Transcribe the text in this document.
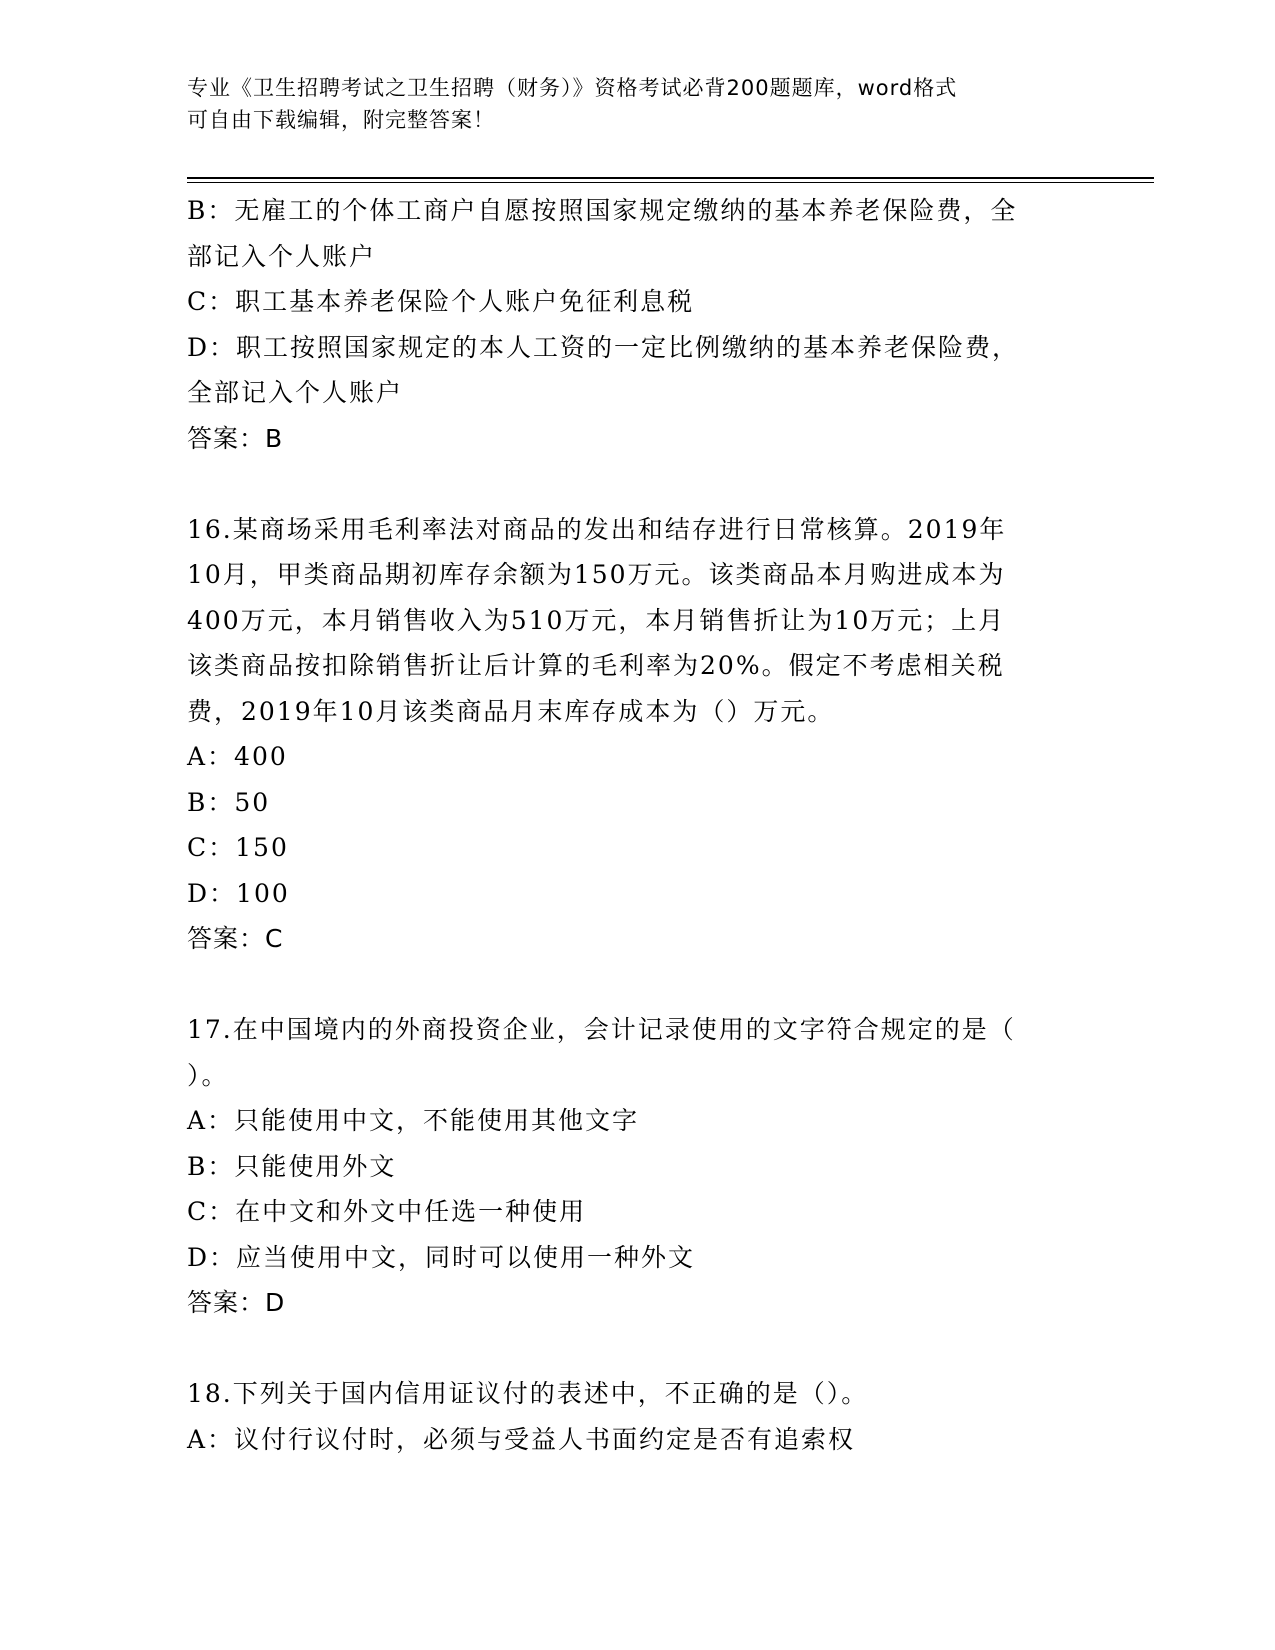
专业《卫生招聘考试之卫生招聘（财务）》资格考试必背200题题库，word格式
可自由下载编辑，附完整答案！
B：无雇工的个体工商户自愿按照国家规定缴纳的基本养老保险费，全
部记入个人账户
C：职工基本养老保险个人账户免征利息税
D：职工按照国家规定的本人工资的一定比例缴纳的基本养老保险费，
全部记入个人账户
答案：B
16.某商场采用毛利率法对商品的发出和结存进行日常核算。2019年
10月，甲类商品期初库存余额为150万元。该类商品本月购进成本为
400万元，本月销售收入为510万元，本月销售折让为10万元；上月
该类商品按扣除销售折让后计算的毛利率为20%。假定不考虑相关税
费，2019年10月该类商品月末库存成本为（）万元。
A：400
B：50
C：150
D：100
答案：C
17.在中国境内的外商投资企业，会计记录使用的文字符合规定的是（
）。
A：只能使用中文，不能使用其他文字
B：只能使用外文
C：在中文和外文中任选一种使用
D：应当使用中文，同时可以使用一种外文
答案：D
18.下列关于国内信用证议付的表述中，不正确的是（）。
A：议付行议付时，必须与受益人书面约定是否有追索权
